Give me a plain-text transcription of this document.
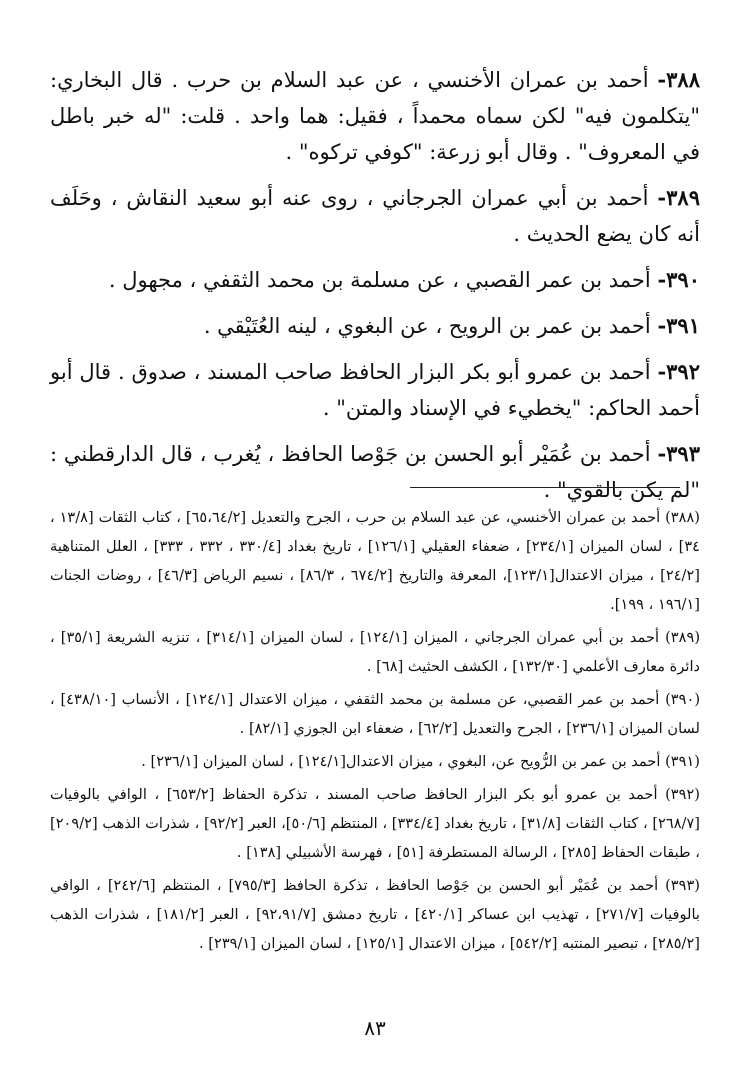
٣٨٨- أحمد بن عمران الأخنسي ، عن عبد السلام بن حرب . قال البخاري: "يتكلمون فيه" لكن سماه محمداً ، فقيل: هما واحد . قلت: "له خبر باطل في المعروف" . وقال أبو زرعة: "كوفي تركوه" .

٣٨٩- أحمد بن أبي عمران الجرجاني ، روى عنه أبو سعيد النقاش ، وحَلَف أنه كان يضع الحديث .

٣٩٠- أحمد بن عمر القصبي ، عن مسلمة بن محمد الثقفي ، مجهول .

٣٩١- أحمد بن عمر بن الرويح ، عن البغوي ، لينه العُتَيْقي .

٣٩٢- أحمد بن عمرو أبو بكر البزار الحافظ صاحب المسند ، صدوق . قال أبو أحمد الحاكم: "يخطيء في الإسناد والمتن" .

٣٩٣- أحمد بن عُمَيْر أبو الحسن بن جَوْصا الحافظ ، يُغرب ، قال الدارقطني : "لم يكن بالقوي" .

(٣٨٨) أحمد بن عمران الأخنسي، عن عبد السلام بن حرب ، الجرح والتعديل [٦٥،٦٤/٢] ، كتاب الثقات [١٣/٨ ، ٣٤] ، لسان الميزان [٢٣٤/١] ، ضعفاء العقيلي [١٢٦/١] ، تاريخ بغداد [٣٣٠/٤ ، ٣٣٢ ، ٣٣٣] ، العلل المتناهية [٢٤/٢] ، ميزان الاعتدال[١٢٣/١]، المعرفة والتاريخ [٦٧٤/٢ ، ٨٦/٣] ، نسيم الرياض [٤٦/٣] ، روضات الجنات [١٩٦/١ ، ١٩٩].

(٣٨٩) أحمد بن أبي عمران الجرجاني ، الميزان [١٢٤/١] ، لسان الميزان [٣١٤/١] ، تنزيه الشريعة [٣٥/١] ، دائرة معارف الأعلمي [١٣٢/٣٠] ، الكشف الحثيث [٦٨] .

(٣٩٠) أحمد بن عمر القصبي، عن مسلمة بن محمد الثقفي ، ميزان الاعتدال [١٢٤/١] ، الأنساب [٤٣٨/١٠] ، لسان الميزان [٢٣٦/١] ، الجرح والتعديل [٦٢/٢] ، ضعفاء ابن الجوزي [٨٢/١] .

(٣٩١) أحمد بن عمر بن الرُّويح عن، البغوي ، ميزان الاعتدال[١٢٤/١] ، لسان الميزان [٢٣٦/١] .

(٣٩٢) أحمد بن عمرو أبو بكر البزار الحافظ صاحب المسند ، تذكرة الحفاظ [٦٥٣/٢] ، الوافي بالوفيات [٢٦٨/٧] ، كتاب الثقات [٣١/٨] ، تاريخ بغداد [٣٣٤/٤] ، المنتظم [٥٠/٦]، العبر [٩٢/٢] ، شذرات الذهب [٢٠٩/٢] ، طبقات الحفاظ [٢٨٥] ، الرسالة المستطرفة [٥١] ، فهرسة الأشبيلي [١٣٨] .

(٣٩٣) أحمد بن عُمَيْر أبو الحسن بن جَوْصا الحافظ ، تذكرة الحافظ [٧٩٥/٣] ، المنتظم [٢٤٢/٦] ، الوافي بالوفيات [٢٧١/٧] ، تهذيب ابن عساكر [٤٢٠/١] ، تاريخ دمشق [٩٢،٩١/٧] ، العبر [١٨١/٢] ، شذرات الذهب [٢٨٥/٢] ، تبصير المنتبه [٥٤٢/٢] ، ميزان الاعتدال [١٢٥/١] ، لسان الميزان [٢٣٩/١] .

٨٣
